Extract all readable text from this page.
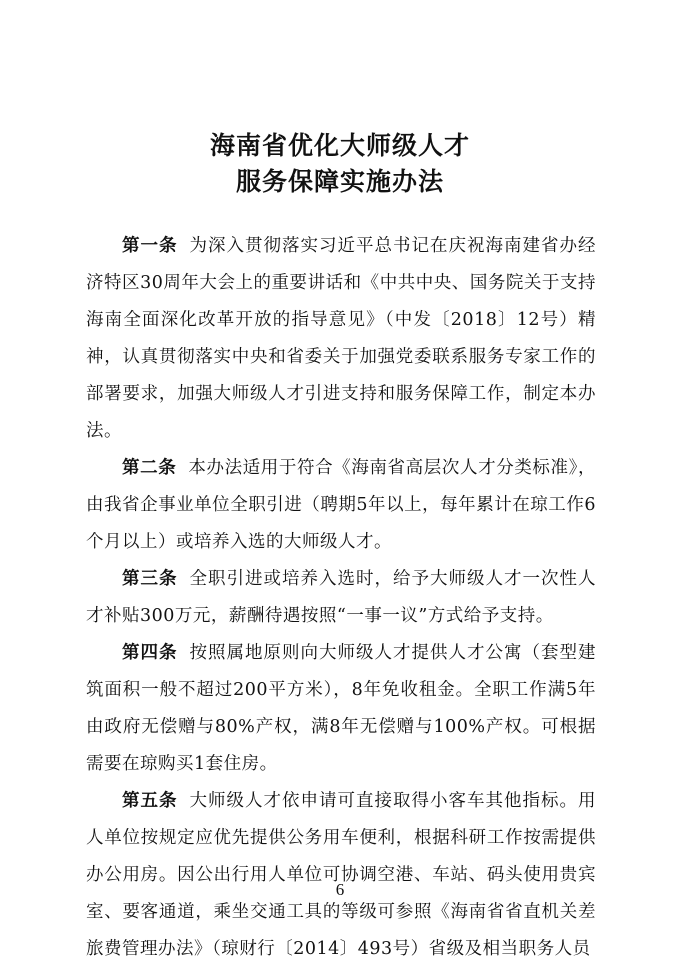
海南省优化大师级人才
服务保障实施办法

第一条 为深入贯彻落实习近平总书记在庆祝海南建省办经济特区30周年大会上的重要讲话和《中共中央、国务院关于支持海南全面深化改革开放的指导意见》（中发〔2018〕12号）精神，认真贯彻落实中央和省委关于加强党委联系服务专家工作的部署要求，加强大师级人才引进支持和服务保障工作，制定本办法。

第二条 本办法适用于符合《海南省高层次人才分类标准》，由我省企事业单位全职引进（聘期5年以上，每年累计在琼工作6个月以上）或培养入选的大师级人才。

第三条 全职引进或培养入选时，给予大师级人才一次性人才补贴300万元，薪酬待遇按照“一事一议”方式给予支持。

第四条 按照属地原则向大师级人才提供人才公寓（套型建筑面积一般不超过200平方米），8年免收租金。全职工作满5年由政府无偿赠与80%产权，满8年无偿赠与100%产权。可根据需要在琼购买1套住房。

第五条 大师级人才依申请可直接取得小客车其他指标。用人单位按规定应优先提供公务用车便利，根据科研工作按需提供办公用房。因公出行用人单位可协调空港、车站、码头使用贵宾室、要客通道，乘坐交通工具的等级可参照《海南省省直机关差旅费管理办法》（琼财行〔2014〕493号）省级及相当职务人员

6
